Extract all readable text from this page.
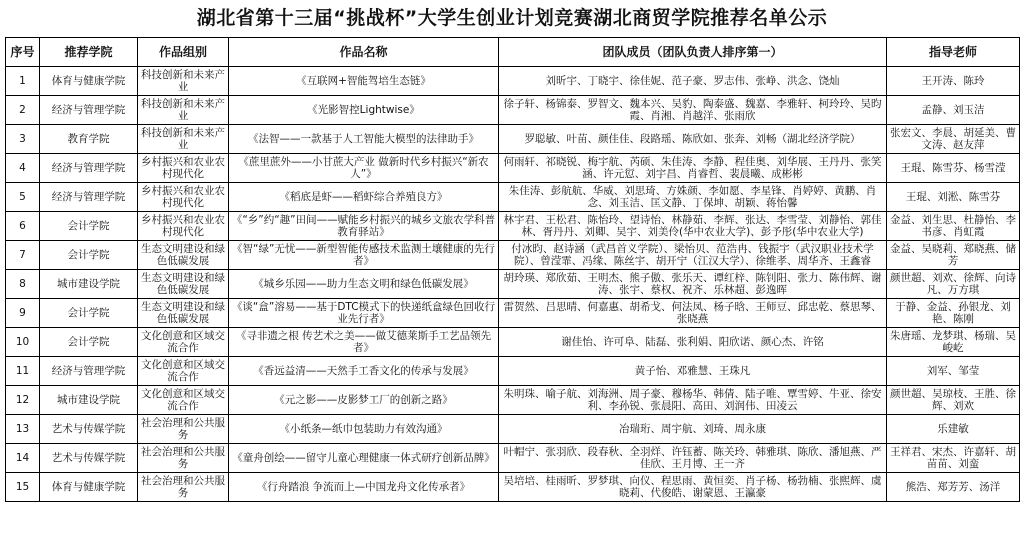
湖北省第十三届“挑战杯”大学生创业计划竞赛湖北商贸学院推荐名单公示
序号	推荐学院	作品组别	作品名称	团队成员（团队负责人排序第一）	指导老师
1	体育与健康学院	科技创新和未来产业	《互联网+智能驾培生态链》	刘昕宇、丁晓宇、徐佳妮、范子豪、罗志伟、张峥、洪念、饶灿	王开涛、陈玲
2	经济与管理学院	科技创新和未来产业	《光影智控Lightwise》	徐子轩、杨锦泰、罗智文、魏本兴、吴豹、陶泰盛、魏嘉、李雅轩、柯玲玲、吴昀霞、肖湘、肖越洋、张雨欣	孟静、刘玉洁
3	教育学院	科技创新和未来产业	《法智——一款基于人工智能大模型的法律助手》	罗聪敏、叶苗、颜佳佳、段路瑶、陈欣如、张奔、刘畅（湖北经济学院）	张宏文、李晨、胡延美、曹文涛、赵友萍
4	经济与管理学院	乡村振兴和农业农村现代化	《蔗里蔗外——小甘蔗大产业 做新时代乡村振兴“新农人”》	何雨轩、祁晓锐、梅宇航、芮硕、朱佳涛、李静、程佳奥、刘华展、王丹丹、张笑涵、许元愆、刘宇昌、肖睿哲、裴晨曦、成彬彬	王琨、陈雪芬、杨雪滢
5	经济与管理学院	乡村振兴和农业农村现代化	《稻底是虾——稻虾综合养殖良方》	朱佳涛、彭航航、华威、刘思琦、方姝颜、李如愿、李星锋、肖婷婷、黄鹏、肖念、刘玉洁、匡文静、丁保坤、胡颖、蒋怡馨	王琨、刘淞、陈雪芬
6	会计学院	乡村振兴和农业农村现代化	《“乡”约“趣”田间——赋能乡村振兴的城乡文旅农学科普教育驿站》	林宇君、王松君、陈怡玲、望诗怡、林静茹、李辉、张达、李雪莹、刘静怡、郭佳林、胥丹丹、刘卿、吴宇、刘美伶(华中农业大学)、彭予彤(华中农业大学)	金益、刘生思、杜静怡、李书彦、肖虹霞
7	会计学院	生态文明建设和绿色低碳发展	《智“绿”无忧——新型智能传感技术监测土壤健康的先行者》	付冰昀、赵诗涵（武昌首义学院）、梁怡贝、范浩冉、钱振宇（武汉职业技术学院）、曾滢霏、冯缘、陈丝宇、胡开宁（江汉大学）、徐维孝、周华齐、王鑫睿	金益、吴晓莉、郑晓燕、储芳
8	城市建设学院	生态文明建设和绿色低碳发展	《城乡乐园——助力生态文明和绿色低碳发展》	胡玲瑛、郑欣茹、王明杰、熊子傲、张乐天、谭红梓、陈钊阳、张力、陈伟辉、谢涛、张宇、蔡权、祝齐、乐林超、彭逸晖	颜世超、刘欢、徐辉、向诗凡、万方琪
9	会计学院	生态文明建设和绿色低碳发展	《谈“盒”溶易——基于DTC模式下的快递纸盒绿色回收行业先行者》	雷贺然、吕思晴、何嘉惠、胡希戈、何法凤、杨子晗、王师豆、邱忠乾、蔡思琴、张晓燕	于静、金益、孙银龙、刘艳、陈刚
10	会计学院	文化创意和区域交流合作	《寻非遗之根 传艺术之美——做艾德莱斯手工艺品领先者》	谢佳怡、许可阜、陆磊、张利娟、阳欣诺、颜心杰、许铭	朱唐瑶、龙梦琪、杨瑞、吴峻屹
11	经济与管理学院	文化创意和区域交流合作	《香远益清——天然手工香文化的传承与发展》	黄子怡、邓雅慧、王珠凡	刘军、邹莹
12	城市建设学院	文化创意和区域交流合作	《元之影——皮影梦工厂的创新之路》	朱明珠、喻子航、刘海洲、周子豪、穆杨华、韩倩、陆子唯、覃雪婷、牛亚、徐安利、李孙锐、张晨阳、高田、刘润伟、田凌云	颜世超、吴琼枝、王胜、徐辉、刘欢
13	艺术与传媒学院	社会治理和公共服务	《小纸条—纸巾包装助力有效沟通》	冶瑞珩、周宇航、刘琦、周永康	乐建敏
14	艺术与传媒学院	社会治理和公共服务	《童舟创绘——留守儿童心理健康一体式研疗创新品牌》	叶帽宁、张羽欣、段春秋、全羽烊、许钰蓄、陈关玲、韩雅琪、陈欣、潘旭燕、严佳欣、王月博、王一齐	王祥君、宋杰、许嘉轩、胡苗苗、刘蛮
15	体育与健康学院	社会治理和公共服务	《行舟踏浪 争流而上—中国龙舟文化传承者》	吴培培、桂雨昕、罗梦琪、向仪、程思雨、黄恒奕、肖子杨、杨勃楠、张熙辉、虞晓莉、代俊皓、谢蒙恩、王瀛豪	熊浩、郑芳芳、汤洋
